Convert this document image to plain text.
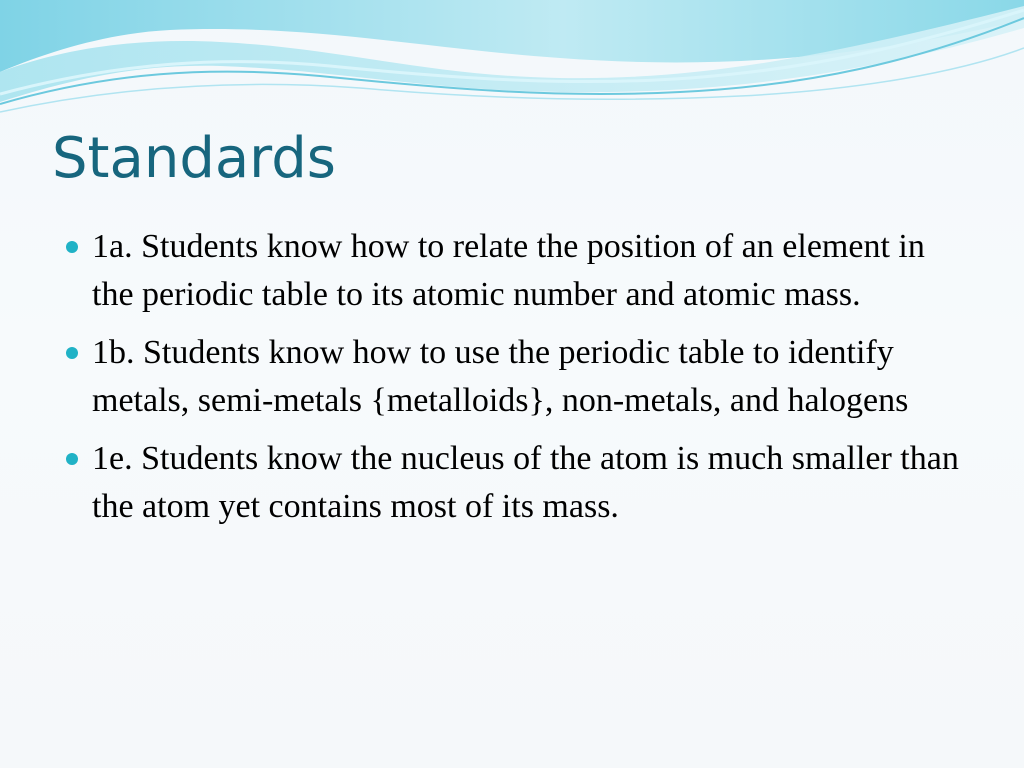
Standards
1a. Students know how to relate the position of an element in the periodic table to its atomic number and atomic mass.
1b. Students know how to use the periodic table to identify metals, semi-metals {metalloids}, non-metals, and halogens
1e. Students know the nucleus of the atom is much smaller than the atom yet contains most of its mass.
